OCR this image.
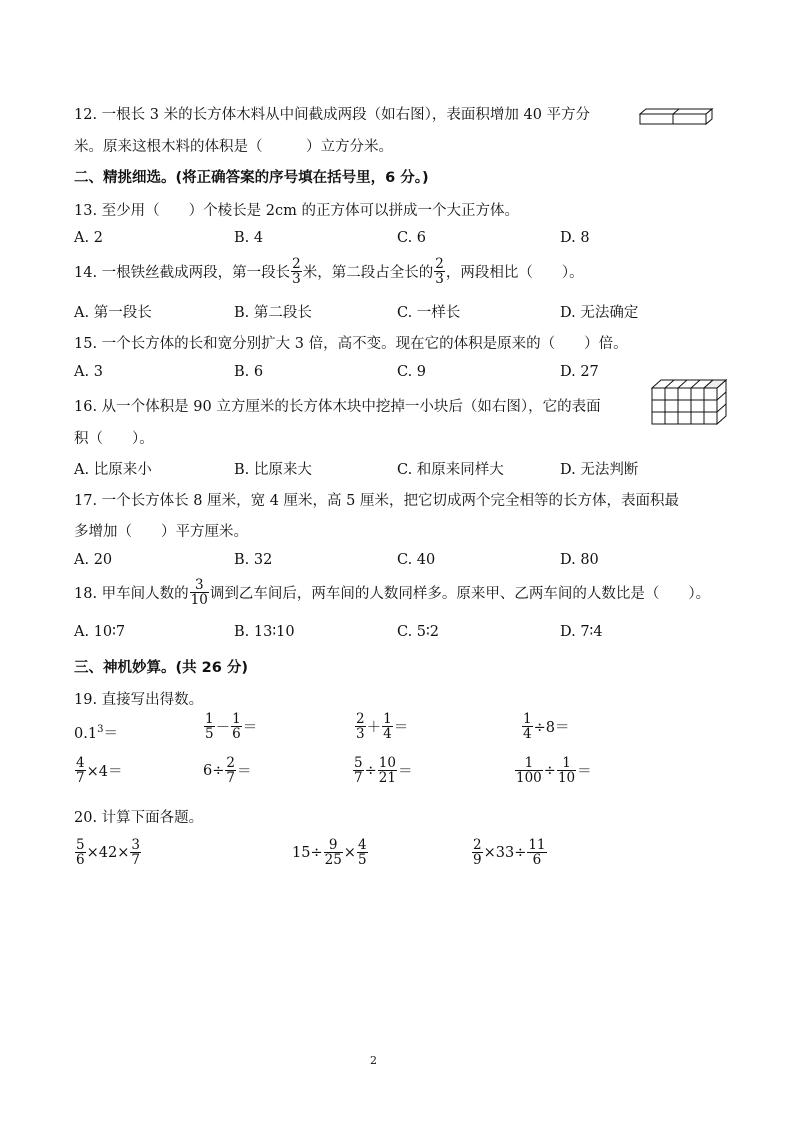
12. 一根长 3 米的长方体木料从中间截成两段（如右图），表面积增加 40 平方分
米。原来这根木料的体积是（　　　）立方分米。
二、精挑细选。(将正确答案的序号填在括号里，6 分。)
13. 至少用（　　）个棱长是 2cm 的正方体可以拼成一个大正方体。
A. 2	B. 4	C. 6	D. 8
14. 一根铁丝截成两段，第一段长 $\frac{2}{3}$ 米，第二段占全长的 $\frac{2}{3}$ ，两段相比（　　）。
A. 第一段长	B. 第二段长	C. 一样长	D. 无法确定
15. 一个长方体的长和宽分别扩大 3 倍，高不变。现在它的体积是原来的（　　）倍。
A. 3	B. 6	C. 9	D. 27
16. 从一个体积是 90 立方厘米的长方体木块中挖掉一小块后（如右图），它的表面
积（　　）。
A. 比原来小	B. 比原来大	C. 和原来同样大	D. 无法判断
17. 一个长方体长 8 厘米，宽 4 厘米，高 5 厘米，把它切成两个完全相等的长方体，表面积最
多增加（　　）平方厘米。
A. 20	B. 32	C. 40	D. 80
18. 甲车间人数的 $\frac{3}{10}$ 调到乙车间后，两车间的人数同样多。原来甲、乙两车间的人数比是（　　）。
A. 10∶7	B. 13∶10	C. 5∶2	D. 7∶4
三、神机妙算。(共 26 分)
19. 直接写出得数。
$0.1^3=$	$\frac{1}{5} - \frac{1}{6}$ ＝	$\frac{2}{3} + \frac{1}{4}$ ＝	$\frac{1}{4} \div 8=$
$\frac{4}{7} \times 4=$	$6\div \frac{2}{7}$ ＝	$\frac{5}{7} \div \frac{10}{21}$ ＝	$\frac{1}{100} \div \frac{1}{10}$ ＝
20. 计算下面各题。
$\frac{5}{6} \times 42\times \frac{3}{7}$	$15\div \frac{9}{25} \times \frac{4}{5}$	$\frac{2}{9} \times 33\div \frac{11}{6}$
2
